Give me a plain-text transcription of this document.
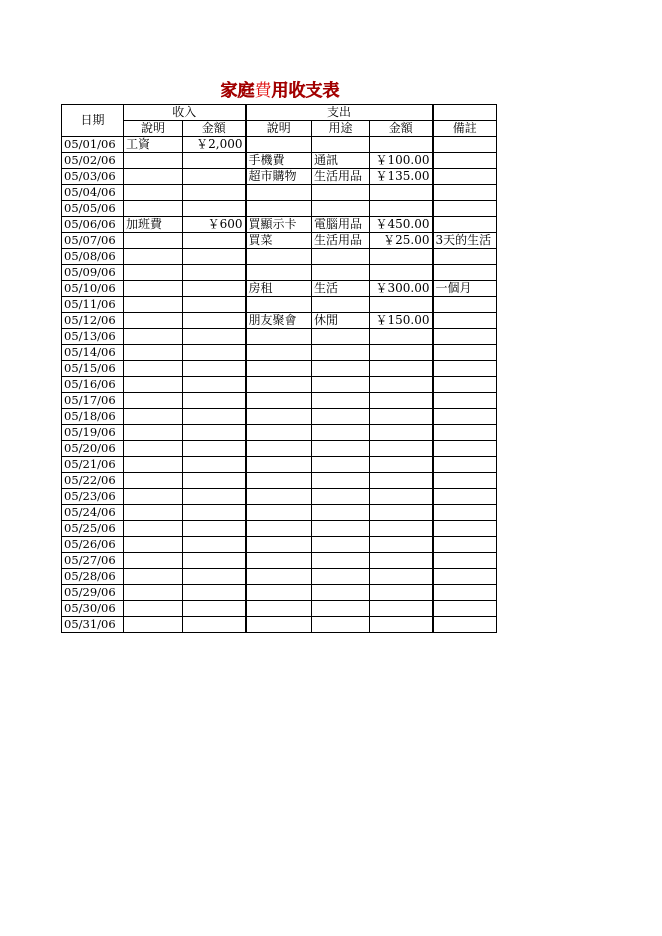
家庭費用收支表
日期	收入		支出			
	說明	金額	說明	用途	金額	備註
05/01/06	工資	￥2,000				
05/02/06			手機費	通訊	￥100.00	
05/03/06			超市購物	生活用品	￥135.00	
05/04/06						
05/05/06						
05/06/06	加班費	￥600	買顯示卡	電腦用品	￥450.00	
05/07/06			買菜	生活用品	￥25.00	3天的生活
05/08/06						
05/09/06						
05/10/06			房租	生活	￥300.00	一個月
05/11/06						
05/12/06			朋友聚會	休閒	￥150.00	
05/13/06						
05/14/06						
05/15/06						
05/16/06						
05/17/06						
05/18/06						
05/19/06						
05/20/06						
05/21/06						
05/22/06						
05/23/06						
05/24/06						
05/25/06						
05/26/06						
05/27/06						
05/28/06						
05/29/06						
05/30/06						
05/31/06						
